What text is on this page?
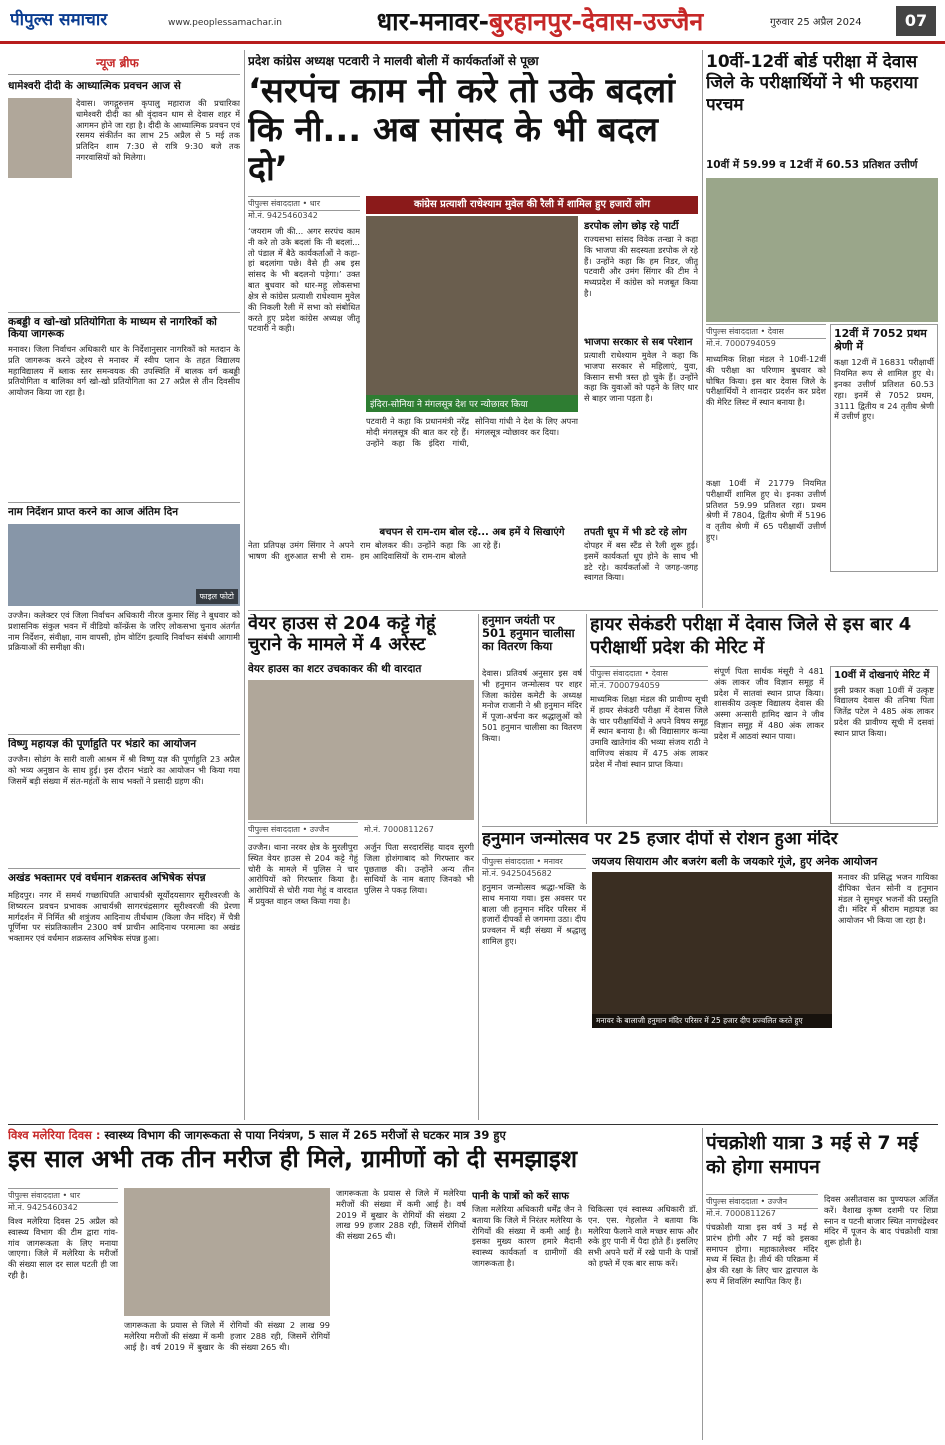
पीपुल्स समाचार	www.peoplessamachar.in	धार-मनावर-बुरहानपुर-देवास-उज्जैन	गुरुवार 25 अप्रैल 2024	07
न्यूज ब्रीफ
धामेश्वरी दीदी के आध्यात्मिक प्रवचन आज से
देवास। जगद्गुरुत्तम कृपालु महाराज की प्रचारिका धामेश्वरी दीदी का श्री वृंदावन धाम से देवास शहर में आगमन होने जा रहा है। दीदी के आध्यात्मिक प्रवचन एवं रसमय संकीर्तन का लाभ 25 अप्रैल से 5 मई तक प्रतिदिन शाम 7:30 से रात्रि 9:30 बजे तक नगरवासियों को मिलेगा।
कबड्डी व खो-खो प्रतियोगिता के माध्यम से नागरिकों को किया जागरूक
मनावर। जिला निर्वाचन अधिकारी धार के निर्देशानुसार नागरिकों को मतदान के प्रति जागरूक करने उद्देश्य से मनावर में स्वीप प्लान के तहत विद्यालय महाविद्यालय में ब्लाक स्तर समन्वयक की उपस्थिति में बालक वर्ग कबड्डी प्रतियोगिता व बालिका वर्ग खो-खो प्रतियोगिता का 27 अप्रैल से तीन दिवसीय आयोजन किया जा रहा है।
नाम निर्देशन प्राप्त करने का आज अंतिम दिन
फाइल फोटो
उज्जैन। कलेक्टर एवं जिला निर्वाचन अधिकारी नीरज कुमार सिंह ने बुधवार को प्रशासनिक संकुल भवन में वीडियो कॉन्फ्रेंस के जरिए लोकसभा चुनाव अंतर्गत नाम निर्देशन, संवीक्षा, नाम वापसी, होम वोटिंग इत्यादि निर्वाचन संबंधी आगामी प्रक्रियाओं की समीक्षा की।
विष्णु महायज्ञ की पूर्णाहुति पर भंडारे का आयोजन
उज्जैन। सोडंग के सारी वाली आश्रम में श्री विष्णु यज्ञ की पूर्णाहुति 23 अप्रैल को भव्य अनुष्ठान के साथ हुई। इस दौरान भंडारे का आयोजन भी किया गया जिसमें बड़ी संख्या में संत-महंतों के साथ भक्तों ने प्रसादी ग्रहण की।
अखंड भक्तामर एवं वर्धमान शक्रस्तव अभिषेक संपन्न
महिदपुर। नगर में समर्थ गच्छाधिपति आचार्यश्री सूर्योदयसागर सूरीश्वरजी के शिष्यरत्न प्रवचन प्रभावक आचार्यश्री सागरचंद्रसागर सूरीश्वरजी की प्रेरणा मार्गदर्शन में निर्मित श्री शत्रुंजय आदिनाथ तीर्थधाम (किला जैन मंदिर) में चैत्री पूर्णिमा पर संप्रतिकालीन 2300 वर्ष प्राचीन आदिनाथ परमात्मा का अखंड भक्तामर एवं वर्धमान शक्रस्तव अभिषेक संपन्न हुआ।
प्रदेश कांग्रेस अध्यक्ष पटवारी ने मालवी बोली में कार्यकर्ताओं से पूछा
‘सरपंच काम नी करे तो उके बदलां कि नी... अब सांसद के भी बदल दो’
पीपुल्स संवाददाता • धार
मो.नं. 9425460342
‘जयराम जी की... अगर सरपंच काम नी करे तो उके बदलां कि नी बदलां... तो पंडाल में बैठे कार्यकर्ताओं ने कहा- हां बदलांगा पछे। वैसे ही अब इस सांसद के भी बदलनो पड़ेगा।’ उक्त बात बुधवार को धार-महू लोकसभा क्षेत्र से कांग्रेस प्रत्याशी राधेश्याम मुवेल की निकली रैली में सभा को संबोधित करते हुए प्रदेश कांग्रेस अध्यक्ष जीतू पटवारी ने कही।
कांग्रेस प्रत्याशी राधेश्याम मुवेल की रैली में शामिल हुए हजारों लोग
इंदिरा-सोनिया ने मंगलसूत्र देश पर न्योछावर किया
डरपोक लोग छोड़ रहे पार्टी
राज्यसभा सांसद विवेक तन्खा ने कहा कि भाजपा की सदस्यता डरपोक ले रहे हैं। उन्होंने कहा कि हम निडर, जीतू पटवारी और उमंग सिंगार की टीम ने मध्यप्रदेश में कांग्रेस को मजबूत किया है।
भाजपा सरकार से सब परेशान
प्रत्याशी राधेश्याम मुवेल ने कहा कि भाजपा सरकार से महिलाएं, युवा, किसान सभी त्रस्त हो चुके हैं। उन्होंने कहा कि युवाओं को पढ़ने के लिए धार से बाहर जाना पड़ता है।
पटवारी ने कहा कि प्रधानमंत्री नरेंद्र मोदी मंगलसूत्र की बात कर रहे हैं। उन्होंने कहा कि इंदिरा गांधी, सोनिया गांधी ने देश के लिए अपना मंगलसूत्र न्योछावर कर दिया।
बचपन से राम-राम बोल रहे... अब हमें ये सिखाएंगे
नेता प्रतिपक्ष उमंग सिंगार ने अपने भाषण की शुरुआत सभी से राम-राम बोलकर की। उन्होंने कहा कि हम आदिवासियों के राम-राम बोलते आ रहे हैं।
तपती धूप में भी डटे रहे लोग
दोपहर में बस स्टैंड से रैली शुरू हुई। इसमें कार्यकर्ता धूप होने के साथ भी डटे रहे। कार्यकर्ताओं ने जगह-जगह स्वागत किया।
10वीं-12वीं बोर्ड परीक्षा में देवास जिले के परीक्षार्थियों ने भी फहराया परचम
10वीं में 59.99 व 12वीं में 60.53 प्रतिशत उत्तीर्ण
पीपुल्स संवाददाता • देवास
मो.नं. 7000794059
12वीं में 7052 प्रथम श्रेणी में
कक्षा 12वीं में 16831 परीक्षार्थी नियमित रूप से शामिल हुए थे। इनका उत्तीर्ण प्रतिशत 60.53 रहा। इनमें से 7052 प्रथम, 3111 द्वितीय व 24 तृतीय श्रेणी में उत्तीर्ण हुए।
माध्यमिक शिक्षा मंडल ने 10वीं-12वीं की परीक्षा का परिणाम बुधवार को घोषित किया। इस बार देवास जिले के परीक्षार्थियों ने शानदार प्रदर्शन कर प्रदेश की मेरिट लिस्ट में स्थान बनाया है।
कक्षा 10वीं में 21779 नियमित परीक्षार्थी शामिल हुए थे। इनका उत्तीर्ण प्रतिशत 59.99 प्रतिशत रहा। प्रथम श्रेणी में 7804, द्वितीय श्रेणी में 5196 व तृतीय श्रेणी में 65 परीक्षार्थी उत्तीर्ण हुए।
वेयर हाउस से 204 कट्टे गेहूं चुराने के मामले में 4 अरेस्ट
वेयर हाउस का शटर उचकाकर की थी वारदात
पीपुल्स संवाददाता • उज्जैन	मो.नं. 7000811267
उज्जैन। थाना नरवर क्षेत्र के मुरलीपुरा स्थित वेयर हाउस से 204 कट्टे गेहूं चोरी के मामले में पुलिस ने चार आरोपियों को गिरफ्तार किया है। आरोपियों से चोरी गया गेहूं व वारदात में प्रयुक्त वाहन जब्त किया गया है।
अर्जुन पिता सरदारसिंह यादव सुरगी जिला होशंगाबाद को गिरफ्तार कर पूछताछ की। उन्होंने अन्य तीन साथियों के नाम बताए जिनको भी पुलिस ने पकड़ लिया।
हनुमान जयंती पर 501 हनुमान चालीसा का वितरण किया
देवास। प्रतिवर्ष अनुसार इस वर्ष भी हनुमान जन्मोत्सव पर शहर जिला कांग्रेस कमेटी के अध्यक्ष मनोज राजानी ने श्री हनुमान मंदिर में पूजा-अर्चना कर श्रद्धालुओं को 501 हनुमान चालीसा का वितरण किया।
हायर सेकंडरी परीक्षा में देवास जिले से इस बार 4 परीक्षार्थी प्रदेश की मेरिट में
पीपुल्स संवाददाता • देवास
मो.नं. 7000794059
माध्यमिक शिक्षा मंडल की प्रावीण्य सूची में हायर सेकंडरी परीक्षा में देवास जिले के चार परीक्षार्थियों ने अपने विषय समूह में स्थान बनाया है। श्री विद्यासागर कन्या उमावि खातेगांव की भव्या संजय राठी ने वाणिज्य संकाय में 475 अंक लाकर प्रदेश में नौवां स्थान प्राप्त किया।
संपूर्ण पिता सार्थक मंसूरी ने 481 अंक लाकर जीव विज्ञान समूह में प्रदेश में सातवां स्थान प्राप्त किया। शासकीय उत्कृष्ट विद्यालय देवास की अस्मा अन्सारी हामिद खान ने जीव विज्ञान समूह में 480 अंक लाकर प्रदेश में आठवां स्थान पाया।
10वीं में दोखनाएं मेरिट में
इसी प्रकार कक्षा 10वीं में उत्कृष्ट विद्यालय देवास की तनिषा पिता जितेंद्र पटेल ने 485 अंक लाकर प्रदेश की प्रावीण्य सूची में दसवां स्थान प्राप्त किया।
हनुमान जन्मोत्सव पर 25 हजार दीपों से रोशन हुआ मंदिर
जयजय सियाराम और बजरंग बली के जयकारे गूंजे, हुए अनेक आयोजन
पीपुल्स संवाददाता • मनावर
मो.नं. 9425045682
हनुमान जन्मोत्सव श्रद्धा-भक्ति के साथ मनाया गया। इस अवसर पर बाला जी हनुमान मंदिर परिसर में हजारों दीपकों से जगमगा उठा। दीप प्रज्वलन में बड़ी संख्या में श्रद्धालु शामिल हुए।
मनावर के बालाजी हनुमान मंदिर परिसर में 25 हजार दीप प्रज्वलित करते हुए
मनावर की प्रसिद्ध भजन गायिका दीपिका चेतन सोनी व हनुमान मंडल ने सुमधुर भजनों की प्रस्तुति दी। मंदिर में श्रीराम महायज्ञ का आयोजन भी किया जा रहा है।
विश्व मलेरिया दिवस : स्वास्थ्य विभाग की जागरूकता से पाया नियंत्रण, 5 साल में 265 मरीजों से घटकर मात्र 39 हुए
इस साल अभी तक तीन मरीज ही मिले, ग्रामीणों को दी समझाइश
पीपुल्स संवाददाता • धार
मो.नं. 9425460342
विश्व मलेरिया दिवस 25 अप्रैल को स्वास्थ्य विभाग की टीम द्वारा गांव-गांव जागरूकता के लिए मनाया जाएगा। जिले में मलेरिया के मरीजों की संख्या साल दर साल घटती ही जा रही है।
जागरूकता के प्रयास से जिले में मलेरिया मरीजों की संख्या में कमी आई है। वर्ष 2019 में बुखार के रोगियों की संख्या 2 लाख 99 हजार 288 रही, जिसमें रोगियों की संख्या 265 थी।
जागरूकता के प्रयास से जिले में मलेरिया मरीजों की संख्या में कमी आई है। वर्ष 2019 में बुखार के रोगियों की संख्या 2 लाख 99 हजार 288 रही, जिसमें रोगियों की संख्या 265 थी।
पानी के पात्रों को करें साफ
जिला मलेरिया अधिकारी धर्मेंद्र जैन ने बताया कि जिले में निरंतर मलेरिया के रोगियों की संख्या में कमी आई है। इसका मुख्य कारण हमारे मैदानी स्वास्थ्य कार्यकर्ता व ग्रामीणों की जागरूकता है।
चिकित्सा एवं स्वास्थ्य अधिकारी डॉ. एन. एस. गेहलोत ने बताया कि मलेरिया फैलाने वाले मच्छर साफ और रुके हुए पानी में पैदा होते हैं। इसलिए सभी अपने घरों में रखे पानी के पात्रों को हफ्ते में एक बार साफ करें।
पंचक्रोशी यात्रा 3 मई से 7 मई को होगा समापन
पीपुल्स संवाददाता • उज्जैन
मो.नं. 7000811267
पंचक्रोशी यात्रा इस वर्ष 3 मई से प्रारंभ होगी और 7 मई को इसका समापन होगा। महाकालेश्वर मंदिर मध्य में स्थित है। तीर्थ की परिक्रमा में क्षेत्र की रक्षा के लिए चार द्वारपाल के रूप में शिवलिंग स्थापित किए हैं।
दिवस असीतवास का पुण्यफल अर्जित करें। वैशाख कृष्ण दशमी पर शिप्रा स्नान व पटनी बाजार स्थित नागचंद्रेश्वर मंदिर में पूजन के बाद पंचक्रोशी यात्रा शुरू होती है।
